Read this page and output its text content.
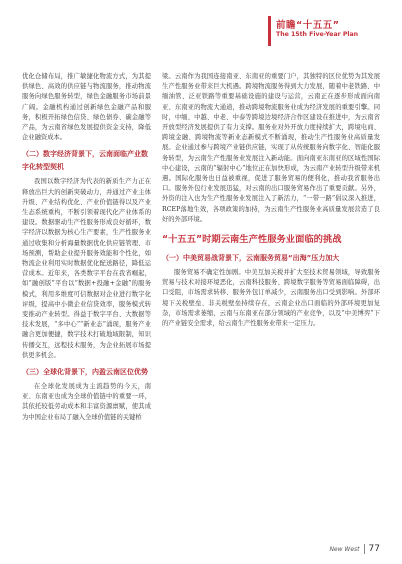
前瞻“十五五”
The 15th Five-Year Plan

优化仓储布局，推广敏捷化物流方式，为其提供绿色、高效的供应链与物流服务，推动物流服务向绿色服务转型，绿色金融服务市场前景广阔。金融机构通过创新绿色金融产品和服务，积极开拓绿色信贷、绿色债券、碳金融等产品，为云南省绿色发展提供资金支持，降低企业融资成本。

（二）数字经济背景下，云南面临产业数字化转型契机

我国以数字经济为代表的新质生产力正在释放出巨大的创新突破动力，并通过产业主体升级、产业结构优化、产业价值链得以及产业生态系统重构，不断引领着现代化产业体系的建设。数据驱动生产性服务形成良好循环，数字经济以数据为核心生产要素，生产性服务业通过收集和分析海量数据优化供应链管理、市场预测，帮助企业提升服务效能和个性化，如物流企业利用实时数据优化配送路径，降低运营成本。近年来，各类数字平台在我省崛起，如“融创版”平台以“数据+投融+金融”的服务模式，利用多维度可信数据对企业进行数字化评级，提高中小微企业信贷效率，服务模式转变推动产业转型。得益于数字平台、大数据等技术发展，“多中心”“新业态”涌现，服务产业融合更加便捷，数字技术打破地域限制，知识传播交互，远程技术服务，为企业拓展市场提供更多机会。

（三）全球化背景下，内盈云南区位优势

在全球化发展成为主流趋势的今天，南亚、东南亚也成为全球价值链中的重要一环，其依托较低劳动成本和丰富资源禀赋，使其成为中国企业布局了融入全球价值链的关键桥

梁。云南作为我国连接南亚、东南亚的重要门户，其独特的区位优势为其发展生产性服务业带来巨大机遇。跨境物流服务得到大力发展，随着中老铁路、中缅油管、泛亚铁路等重要基础设施的建设与运营，云南正在逐步形成面向南亚、东南亚的物流大通道，推动跨境物流服务业成为经济发展的重要引擎。同时，中缅、中越、中老、中泰等跨境边境经济合作区建设在推进中，为云南省开放型经济发展提供了有力支撑。服务业对外开放力度持续扩大，跨境电商、跨境金融、跨境物流等新业态新模式不断涌现，推动生产性服务业高质量发展。企业通过参与跨境产业链供应链，实现了从传统服务向数字化、智能化服务转型，为云南生产性服务业发展注入新动能。面向南亚东南亚的区域性国际中心建设，云南的“辐射中心”地位正在加快形成，为云南产业转型升级带来机遇。国际化服务也日益被重视，促进了服务贸易的便利化，推动我省服务出口。服务外包行业发展迅猛，对云南的出口服务贸易作出了重要贡献。另外，外资的注入也为生产性服务业发展注入了新活力，“一带一路”倡议深入推进，RCEP落地生效，各项政策的加持，为云南生产性服务业高质量发展营造了良好的外部环境。

“十五五”时期云南生产性服务业面临的挑战
（一）中美贸易战背景下，云南服务贸易“出海”压力加大

服务贸易不确定性加剧。中美互加关税并扩大至技术贸易领域，导致服务贸易与技术对接环境恶化，云南科技服务、跨境数字服务等贸易面临障碍，出口受阻，市场需求转移、服务外包订单减少，云南服务出口受到影响。外部环境下关税壁垒、非关税壁垒持续存在，云南企业出口面临的外部环境更加复杂，市场需求萎缩，云南与东南亚在部分领域的产业竞争，以及“中美博弈”下的产业链安全需求，给云南生产性服务业带来一定压力。

New West 77
